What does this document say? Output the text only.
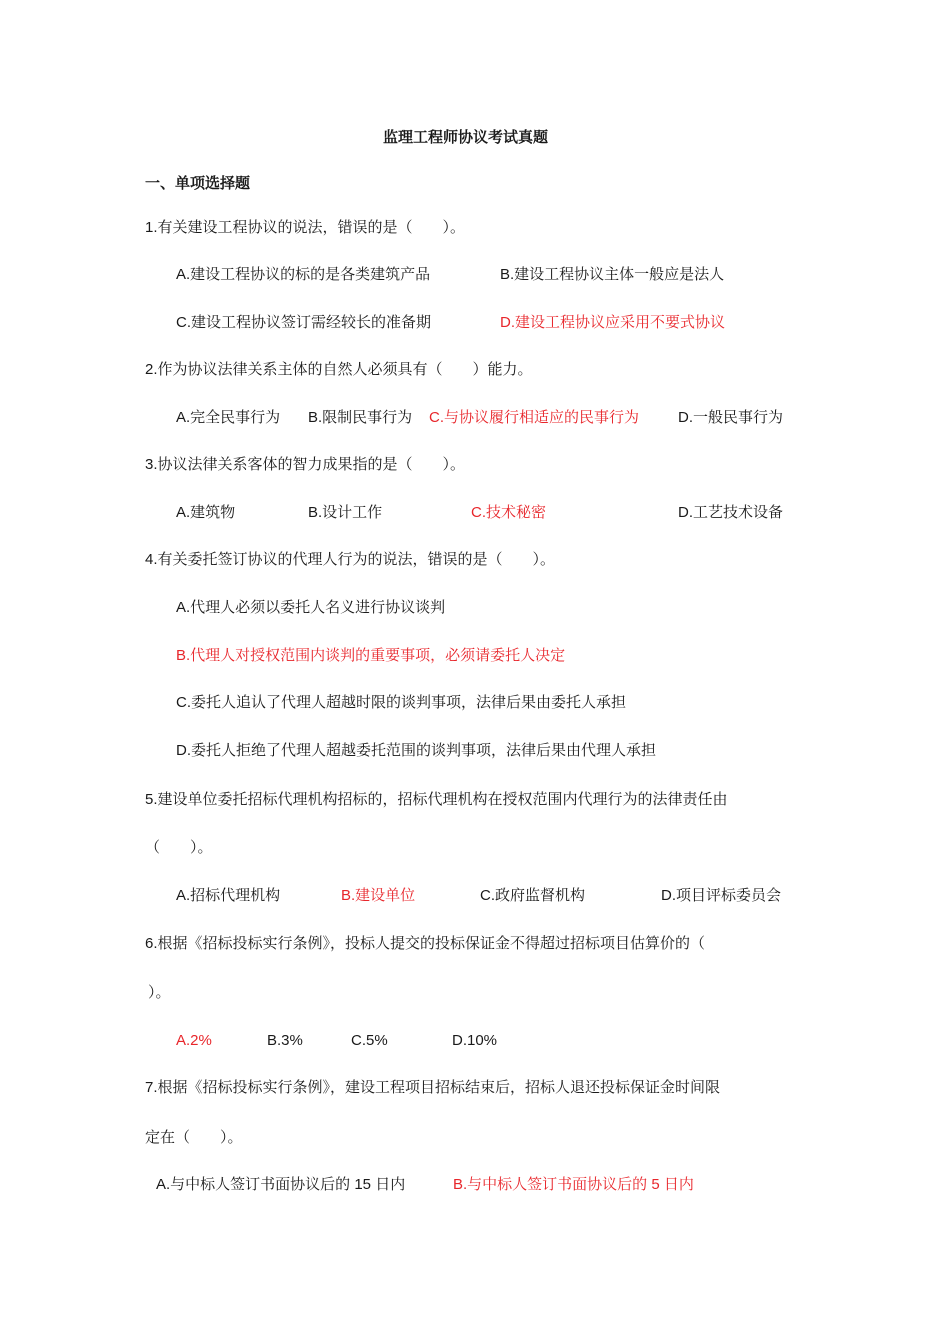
监理工程师协议考试真题
一、单项选择题
1.有关建设工程协议的说法，错误的是（　　）。
A.建设工程协议的标的是各类建筑产品	B.建设工程协议主体一般应是法人
C.建设工程协议签订需经较长的准备期	D.建设工程协议应采用不要式协议
2.作为协议法律关系主体的自然人必须具有（　　）能力。
A.完全民事行为 B.限制民事行为 C.与协议履行相适应的民事行为	D.一般民事行为
3.协议法律关系客体的智力成果指的是（　　）。
A.建筑物	B.设计工作	C.技术秘密	D.工艺技术设备
4.有关委托签订协议的代理人行为的说法，错误的是（　　）。
A.代理人必须以委托人名义进行协议谈判
B.代理人对授权范围内谈判的重要事项，必须请委托人决定
C.委托人追认了代理人超越时限的谈判事项，法律后果由委托人承担
D.委托人拒绝了代理人超越委托范围的谈判事项，法律后果由代理人承担
5.建设单位委托招标代理机构招标的，招标代理机构在授权范围内代理行为的法律责任由
（　　）。
A.招标代理机构	B.建设单位	C.政府监督机构	D.项目评标委员会
6.根据《招标投标实行条例》，投标人提交的投标保证金不得超过招标项目估算价的（
）。
A.2%	B.3%	C.5%	D.10%
7.根据《招标投标实行条例》，建设工程项目招标结束后，招标人退还投标保证金时间限
定在（　　）。
A.与中标人签订书面协议后的 15 日内	B.与中标人签订书面协议后的 5 日内
